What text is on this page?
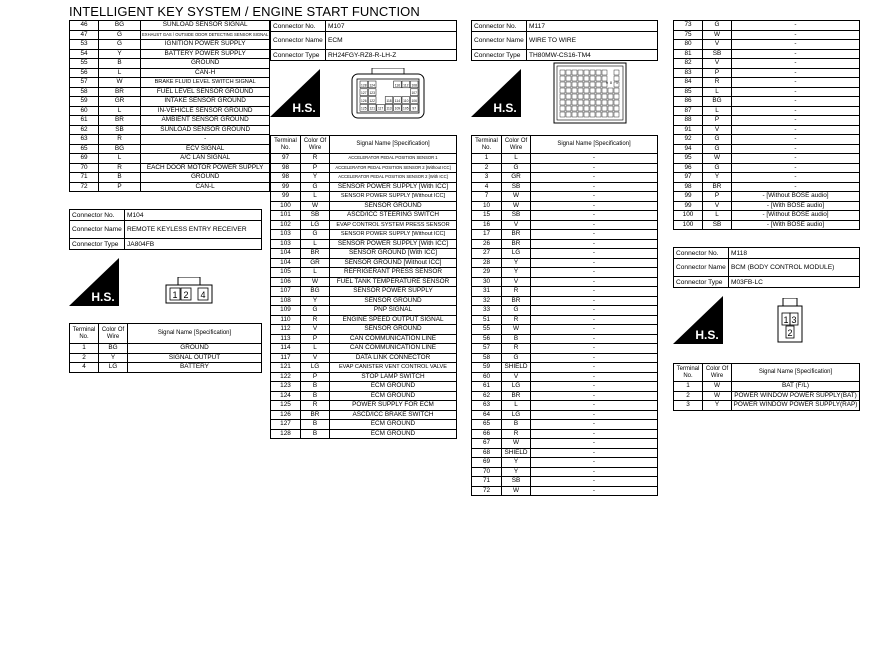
INTELLIGENT KEY SYSTEM / ENGINE START FUNCTION
46	BG	SUNLOAD SENSOR SIGNAL
47	G	EXHAUST GAS / OUTSIDE ODOR DETECTING SENSOR SIGNAL
53	G	IGNITION POWER SUPPLY
54	Y	BATTERY POWER SUPPLY
55	B	GROUND
56	L	CAN-H
57	W	BRAKE FLUID LEVEL SWITCH SIGNAL
58	BR	FUEL LEVEL SENSOR GROUND
59	GR	INTAKE SENSOR GROUND
60	L	IN-VEHICLE SENSOR GROUND
61	BR	AMBIENT SENSOR GROUND
62	SB	SUNLOAD SENSOR GROUND
63	R	-
65	BG	ECV SIGNAL
69	L	A/C LAN SIGNAL
70	R	EACH DOOR MOTOR POWER SUPPLY
71	B	GROUND
72	P	CAN-L
Connector No.	M104
Connector Name	REMOTE KEYLESS ENTRY RECEIVER
Connector Type	JA804FB
H.S.	1 2 4
Terminal No.	Color Of Wire	Signal Name [Specification]
1	BG	GROUND
2	Y	SIGNAL OUTPUT
4	LG	BATTERY
Connector No.	M107
Connector Name	ECM
Connector Type	RH24FGY-RZ8-R-LH-Z
H.S.
128 124	116 112 108
127 123	107
126 122	118 114 110 106
125 121 117 113 109 105 97
Terminal No.	Color Of Wire	Signal Name [Specification]
97	R	ACCELERATOR PEDAL POSITION SENSOR 1
98	P	ACCELERATOR PEDAL POSITION SENSOR 2 [Without ICC]
98	Y	ACCELERATOR PEDAL POSITION SENSOR 2 [With ICC]
99	G	SENSOR POWER SUPPLY [With ICC]
99	L	SENSOR POWER SUPPLY [Without ICC]
100	W	SENSOR GROUND
101	SB	ASCD/ICC STEERING SWITCH
102	LG	EVAP CONTROL SYSTEM PRESS SENSOR
103	G	SENSOR POWER SUPPLY [Without ICC]
103	L	SENSOR POWER SUPPLY [With ICC]
104	BR	SENSOR GROUND [With ICC]
104	GR	SENSOR GROUND [Without ICC]
105	L	REFRIGERANT PRESS SENSOR
106	W	FUEL TANK TEMPERATURE SENSOR
107	BG	SENSOR POWER SUPPLY
108	Y	SENSOR GROUND
109	G	PNP SIGNAL
110	R	ENGINE SPEED OUTPUT SIGNAL
112	V	SENSOR GROUND
113	P	CAN COMMUNICATION LINE
114	L	CAN COMMUNICATION LINE
117	V	DATA LINK CONNECTOR
121	LG	EVAP CANISTER VENT CONTROL VALVE
122	P	STOP LAMP SWITCH
123	B	ECM GROUND
124	B	ECM GROUND
125	R	POWER SUPPLY FOR ECM
126	BR	ASCD/ICC BRAKE SWITCH
127	B	ECM GROUND
128	B	ECM GROUND
Connector No.	M117
Connector Name	WIRE TO WIRE
Connector Type	TH80MW-CS16-TM4
H.S.
9 8 1
Terminal No.	Color Of Wire	Signal Name [Specification]
1	L	-
2	G	-
3	GR	-
4	SB	-
7	W	-
10	W	-
15	SB	-
16	V	-
17	BR	-
26	BR	-
27	LG	-
28	Y	-
29	Y	-
30	V	-
31	R	-
32	BR	-
33	G	-
51	R	-
55	W	-
56	B	-
57	R	-
58	G	-
59	SHIELD	-
60	V	-
61	LG	-
62	BR	-
63	L	-
64	LG	-
65	B	-
66	R	-
67	W	-
68	SHIELD	-
69	Y	-
70	Y	-
71	SB	-
72	W	-
73	G	-
75	W	-
80	V	-
81	SB	-
82	V	-
83	P	-
84	R	-
85	L	-
86	BG	-
87	L	-
88	P	-
91	V	-
92	G	-
94	G	-
95	W	-
96	G	-
97	Y	-
98	BR	-
99	P	- [Without BOSE audio]
99	V	- [With BOSE audio]
100	L	- [Without BOSE audio]
100	SB	- [With BOSE audio]
Connector No.	M118
Connector Name	BCM (BODY CONTROL MODULE)
Connector Type	M03FB-LC
H.S.
1 3
2
Terminal No.	Color Of Wire	Signal Name [Specification]
1	W	BAT (F/L)
2	W	POWER WINDOW POWER SUPPLY(BAT)
3	Y	POWER WINDOW POWER SUPPLY(RAP)
